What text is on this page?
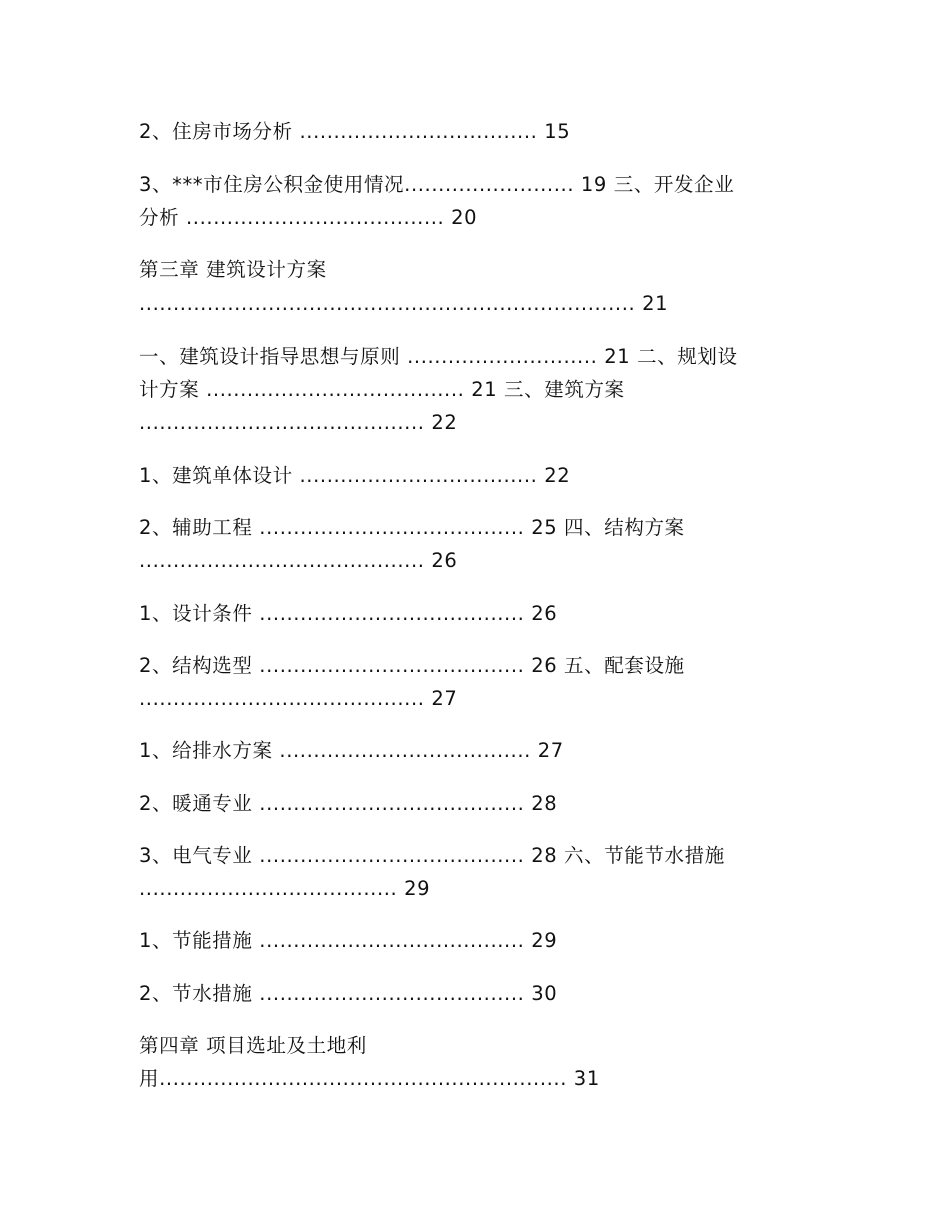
2、住房市场分析 ................................... 15
3、***市住房公积金使用情况......................... 19 三、开发企业
分析 ...................................... 20
第三章 建筑设计方案
......................................................................... 21
一、建筑设计指导思想与原则 ............................ 21 二、规划设
计方案 ...................................... 21 三、建筑方案
.......................................... 22
1、建筑单体设计 ................................... 22
2、辅助工程 ....................................... 25 四、结构方案
.......................................... 26
1、设计条件 ....................................... 26
2、结构选型 ....................................... 26 五、配套设施
.......................................... 27
1、给排水方案 ..................................... 27
2、暖通专业 ....................................... 28
3、电气专业 ....................................... 28 六、节能节水措施
...................................... 29
1、节能措施 ....................................... 29
2、节水措施 ....................................... 30
第四章 项目选址及土地利
用............................................................ 31
